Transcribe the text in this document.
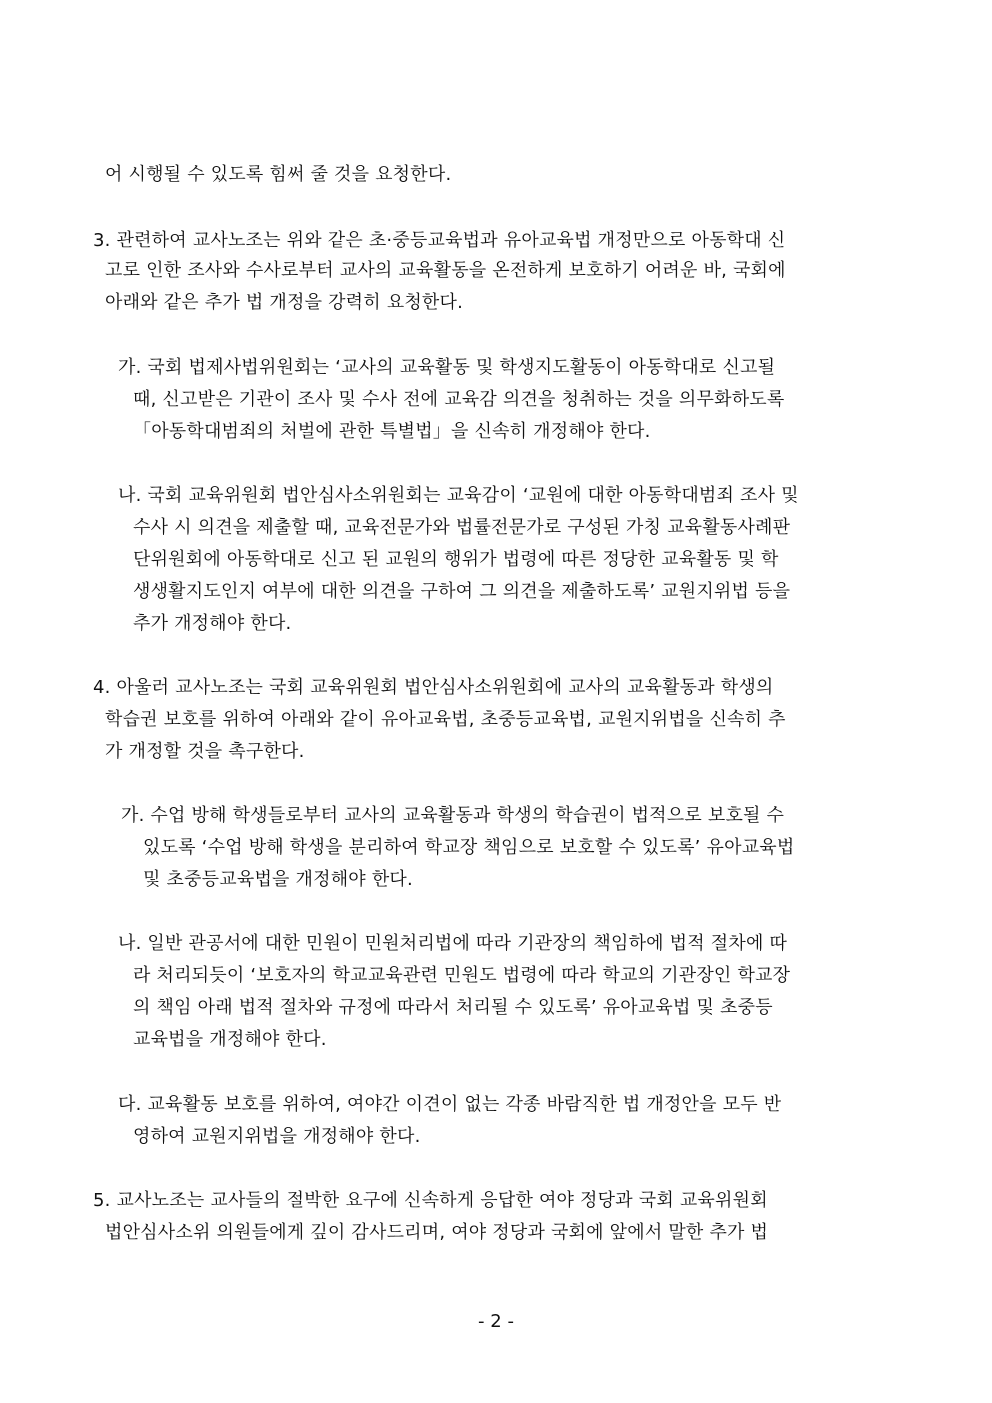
어 시행될 수 있도록 힘써 줄 것을 요청한다.
3. 관련하여 교사노조는 위와 같은 초·중등교육법과 유아교육법 개정만으로 아동학대 신
고로 인한 조사와 수사로부터 교사의 교육활동을 온전하게 보호하기 어려운 바, 국회에
아래와 같은 추가 법 개정을 강력히 요청한다.
가. 국회 법제사법위원회는 ‘교사의 교육활동 및 학생지도활동이 아동학대로 신고될
때, 신고받은 기관이 조사 및 수사 전에 교육감 의견을 청취하는 것을 의무화하도록
「아동학대범죄의 처벌에 관한 특별법」을 신속히 개정해야 한다.
나. 국회 교육위원회 법안심사소위원회는 교육감이 ‘교원에 대한 아동학대범죄 조사 및
수사 시 의견을 제출할 때, 교육전문가와 법률전문가로 구성된 가칭 교육활동사례판
단위원회에 아동학대로 신고 된 교원의 행위가 법령에 따른 정당한 교육활동 및 학
생생활지도인지 여부에 대한 의견을 구하여 그 의견을 제출하도록’ 교원지위법 등을
추가 개정해야 한다.
4. 아울러 교사노조는 국회 교육위원회 법안심사소위원회에 교사의 교육활동과 학생의
학습권 보호를 위하여 아래와 같이 유아교육법, 초중등교육법, 교원지위법을 신속히 추
가 개정할 것을 촉구한다.
가. 수업 방해 학생들로부터 교사의 교육활동과 학생의 학습권이 법적으로 보호될 수
있도록 ‘수업 방해 학생을 분리하여 학교장 책임으로 보호할 수 있도록’ 유아교육법
및 초중등교육법을 개정해야 한다.
나. 일반 관공서에 대한 민원이 민원처리법에 따라 기관장의 책임하에 법적 절차에 따
라 처리되듯이 ‘보호자의 학교교육관련 민원도 법령에 따라 학교의 기관장인 학교장
의 책임 아래 법적 절차와 규정에 따라서 처리될 수 있도록’ 유아교육법 및 초중등
교육법을 개정해야 한다.
다. 교육활동 보호를 위하여, 여야간 이견이 없는 각종 바람직한 법 개정안을 모두 반
영하여 교원지위법을 개정해야 한다.
5. 교사노조는 교사들의 절박한 요구에 신속하게 응답한 여야 정당과 국회 교육위원회
법안심사소위 의원들에게 깊이 감사드리며, 여야 정당과 국회에 앞에서 말한 추가 법
- 2 -
